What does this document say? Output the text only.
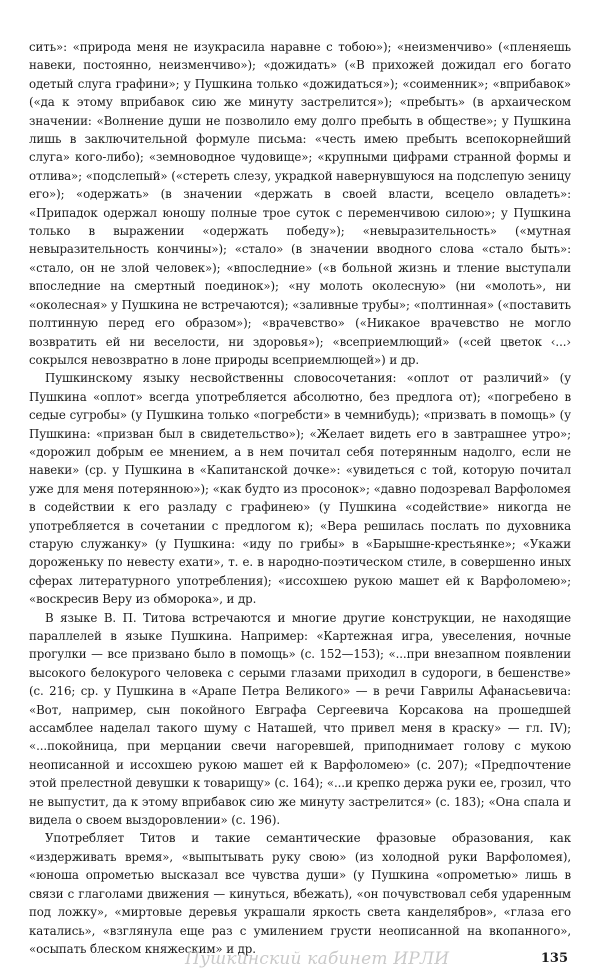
сить»: «природа меня не изукрасила наравне с тобою»); «неизменчиво» («пленяешь навеки, постоянно, неизменчиво»); «дожидать» («В прихожей дожидал его богато одетый слуга графини»; у Пушкина только «дожидаться»); «соименник»; «вприбавок» («да к этому вприбавок сию же минуту застрелится»); «пребыть» (в архаическом значении: «Волнение души не позволило ему долго пребыть в обществе»; у Пушкина лишь в заключительной формуле письма: «честь имею пребыть всепокорнейший слуга» кого-либо); «земноводное чудовище»; «крупными цифрами странной формы и отлива»; «подслепый» («стереть слезу, украдкой навернувшуюся на подслепую зеницу его»); «одержать» (в значении «держать в своей власти, всецело овладеть»: «Припадок одержал юношу полные трое суток с переменчивою силою»; у Пушкина только в выражении «одержать победу»); «невыразительность» («мутная невыразительность кончины»); «стало» (в значении вводного слова «стало быть»: «стало, он не злой человек»); «впоследние» («в больной жизнь и тление выступали впоследние на смертный поединок»); «ну молоть околесную» (ни «молоть», ни «околесная» у Пушкина не встречаются); «заливные трубы»; «полтинная» («поставить полтинную перед его образом»); «врачевство» («Никакое врачевство не могло возвратить ей ни веселости, ни здоровья»); «всеприемлющий» («сей цветок ‹...› сокрылся невозвратно в лоне природы всеприемлющей») и др.

Пушкинскому языку несвойственны словосочетания: «оплот от различий» (у Пушкина «оплот» всегда употребляется абсолютно, без предлога от); «погребено в седые сугробы» (у Пушкина только «погребсти» в чемнибудь); «призвать в помощь» (у Пушкина: «призван был в свидетельство»); «Желает видеть его в завтрашнее утро»; «дорожил добрым ее мнением, а в нем почитал себя потерянным надолго, если не навеки» (ср. у Пушкина в «Капитанской дочке»: «увидеться с той, которую почитал уже для меня потерянною»); «как будто из просонок»; «давно подозревал Варфоломея в содействии к его разладу с графинею» (у Пушкина «содействие» никогда не употребляется в сочетании с предлогом к); «Вера решилась послать по духовника старую служанку» (у Пушкина: «иду по грибы» в «Барышне-крестьянке»; «Укажи дороженьку по невесту ехати», т. е. в народно-поэтическом стиле, в совершенно иных сферах литературного употребления); «иссохшею рукою машет ей к Варфоломею»; «воскресив Веру из обморока», и др.

В языке В. П. Титова встречаются и многие другие конструкции, не находящие параллелей в языке Пушкина. Например: «Картежная игра, увеселения, ночные прогулки — все призвано было в помощь» (с. 152—153); «...при внезапном появлении высокого белокурого человека с серыми глазами приходил в судороги, в бешенстве» (с. 216; ср. у Пушкина в «Арапе Петра Великого» — в речи Гаврилы Афанасьевича: «Вот, например, сын покойного Евграфа Сергеевича Корсакова на прошедшей ассамблее наделал такого шуму с Наташей, что привел меня в краску» — гл. IV); «...покойница, при мерцании свечи нагоревшей, приподнимает голову с мукою неописанной и иссохшею рукою машет ей к Варфоломею» (с. 207); «Предпочтение этой прелестной девушки к товарищу» (с. 164); «...и крепко держа руки ее, грозил, что не выпустит, да к этому вприбавок сию же минуту застрелится» (с. 183); «Она спала и видела о своем выздоровлении» (с. 196).

Употребляет Титов и такие семантические фразовые образования, как «издерживать время», «выпытывать руку свою» (из холодной руки Варфоломея), «юноша опрометью высказал все чувства души» (у Пушкина «опрометью» лишь в связи с глаголами движения — кинуться, вбежать), «он почувствовал себя ударенным под ложку», «миртовые деревья украшали яркость света канделябров», «глаза его катались», «взглянула еще раз с умилением грусти неописанной на вкопанного», «осыпать блеском княжеским» и др.

Пушкинский кабинет ИРЛИ	135
